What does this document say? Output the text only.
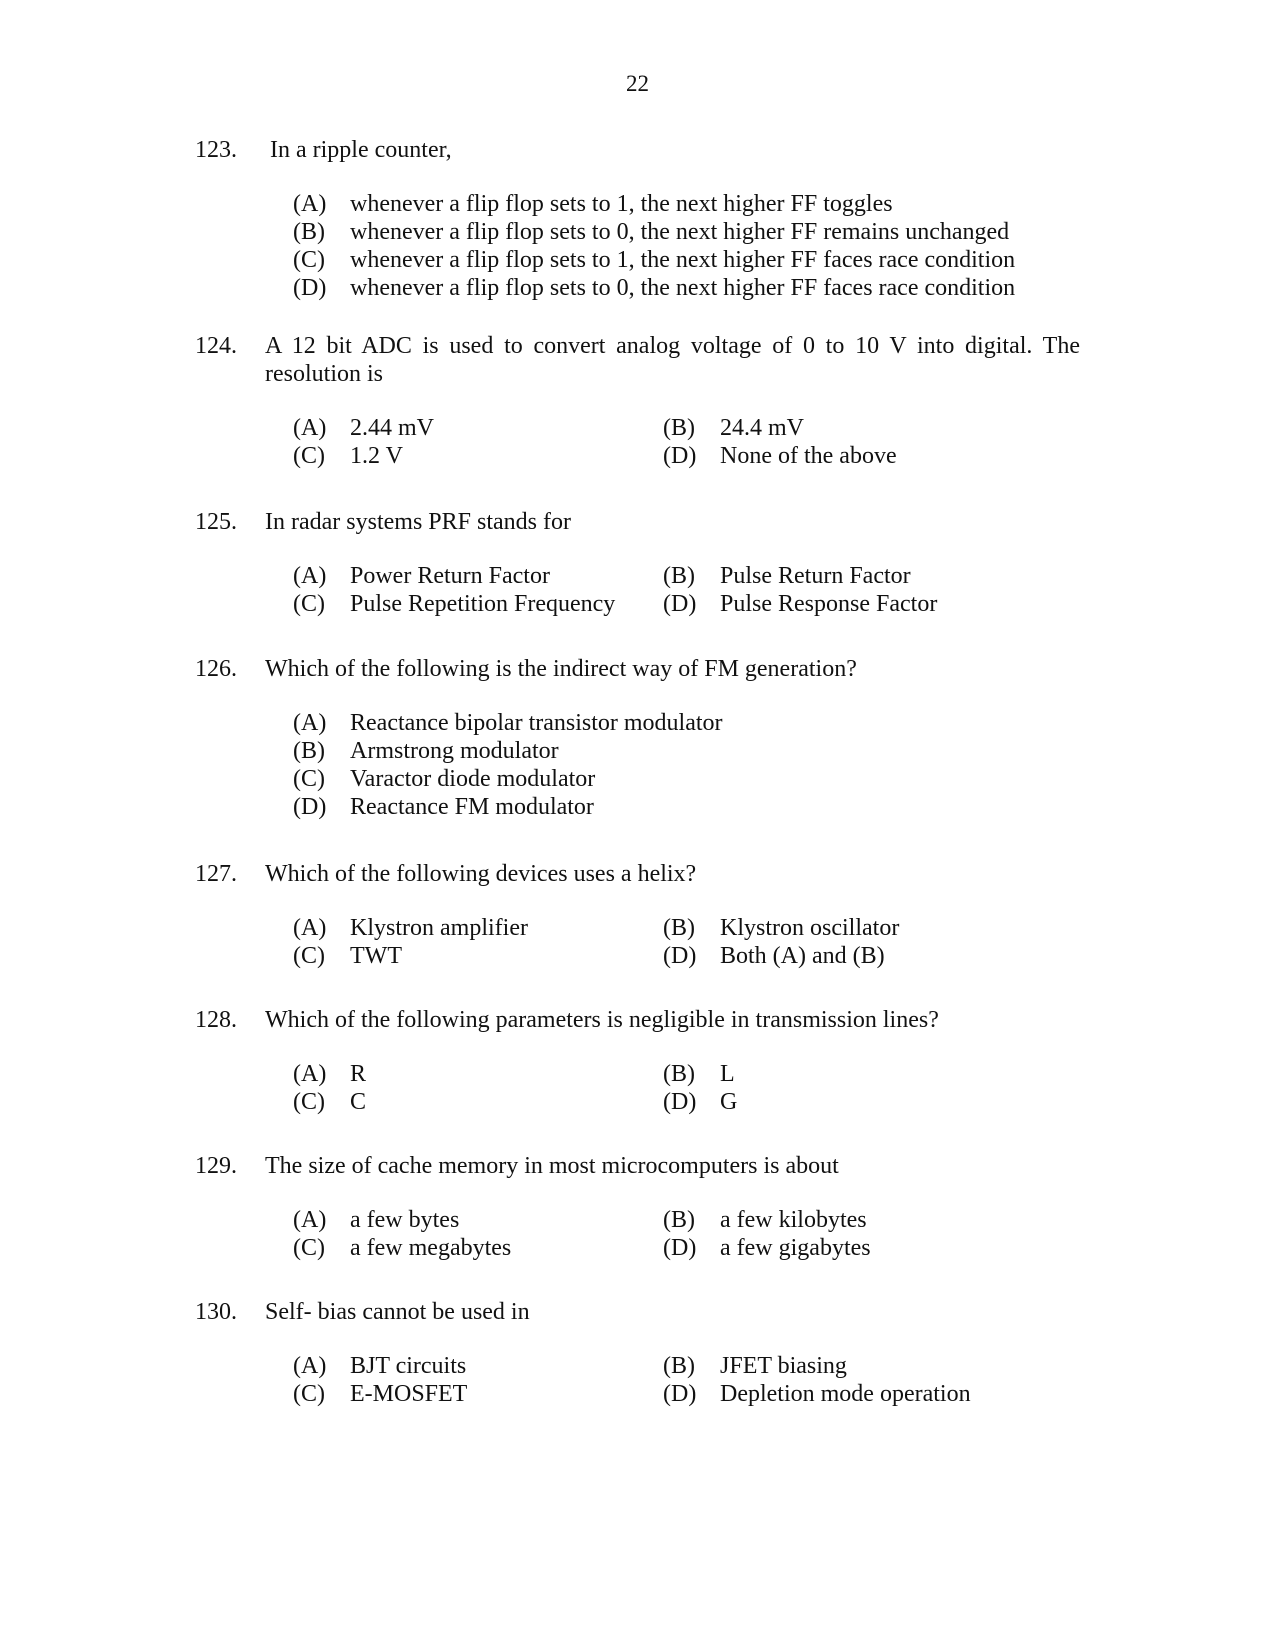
22
123. In a ripple counter,
(A) whenever a flip flop sets to 1, the next higher FF toggles
(B) whenever a flip flop sets to 0, the next higher FF remains unchanged
(C) whenever a flip flop sets to 1, the next higher FF faces race condition
(D) whenever a flip flop sets to 0, the next higher FF faces race condition
124. A 12 bit ADC is used to convert analog voltage of 0 to 10 V into digital. The resolution is
(A) 2.44 mV	(B) 24.4 mV
(C) 1.2 V	(D) None of the above
125. In radar systems PRF stands for
(A) Power Return Factor	(B) Pulse Return Factor
(C) Pulse Repetition Frequency (D) Pulse Response Factor
126. Which of the following is the indirect way of FM generation?
(A) Reactance bipolar transistor modulator
(B) Armstrong modulator
(C) Varactor diode modulator
(D) Reactance FM modulator
127. Which of the following devices uses a helix?
(A) Klystron amplifier	(B) Klystron oscillator
(C) TWT	(D) Both (A) and (B)
128. Which of the following parameters is negligible in transmission lines?
(A) R	(B) L
(C) C	(D) G
129. The size of cache memory in most microcomputers is about
(A) a few bytes	(B) a few kilobytes
(C) a few megabytes	(D) a few gigabytes
130. Self- bias cannot be used in
(A) BJT circuits	(B) JFET biasing
(C) E-MOSFET	(D) Depletion mode operation
